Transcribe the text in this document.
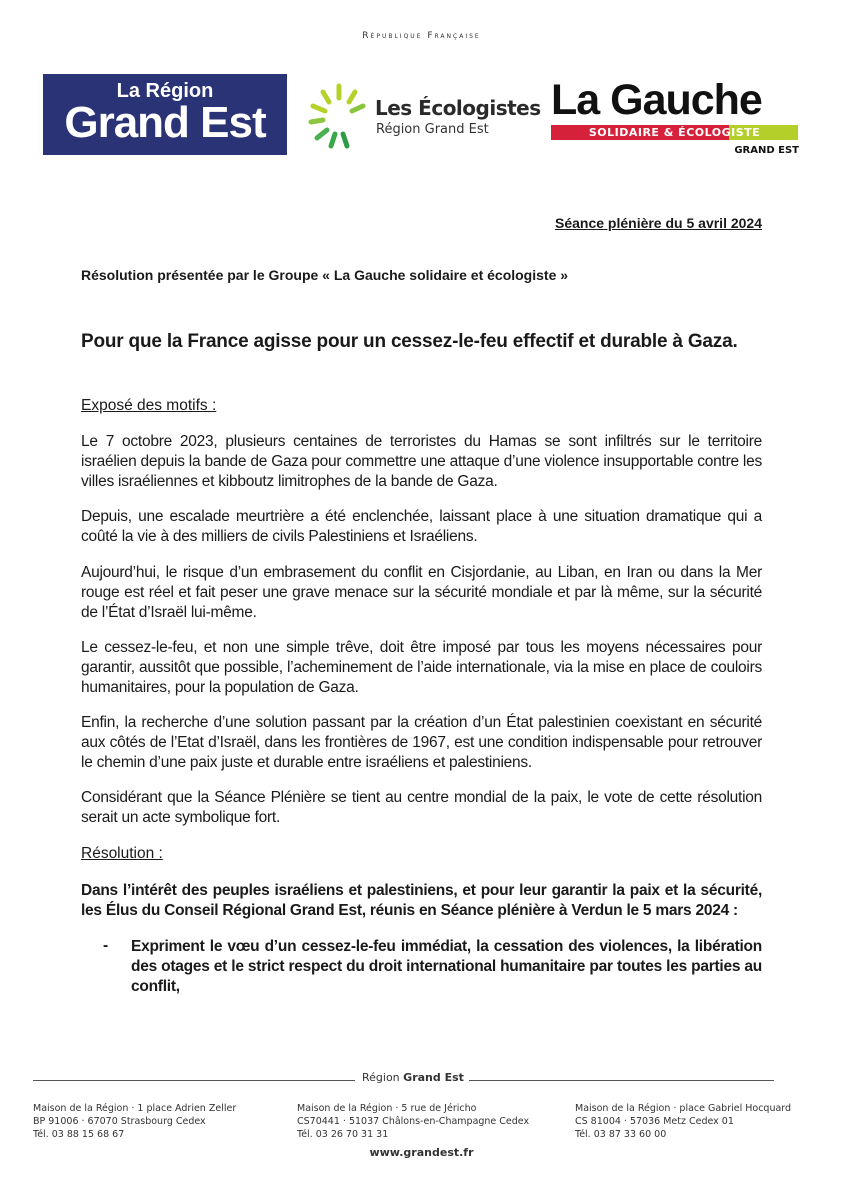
République Française
La Région
Grand Est	Les Écologistes
Région Grand Est
La Gauche
SOLIDAIRE & ÉCOLOGISTE
GRAND EST
Séance plénière du 5 avril 2024
Résolution présentée par le Groupe « La Gauche solidaire et écologiste »
Pour que la France agisse pour un cessez-le-feu effectif et durable à Gaza.
Exposé des motifs :
Le 7 octobre 2023, plusieurs centaines de terroristes du Hamas se sont infiltrés sur le territoire israélien depuis la bande de Gaza pour commettre une attaque d’une violence insupportable contre les villes israéliennes et kibboutz limitrophes de la bande de Gaza.
Depuis, une escalade meurtrière a été enclenchée, laissant place à une situation dramatique qui a coûté la vie à des milliers de civils Palestiniens et Israéliens.
Aujourd’hui, le risque d’un embrasement du conflit en Cisjordanie, au Liban, en Iran ou dans la Mer rouge est réel et fait peser une grave menace sur la sécurité mondiale et par là même, sur la sécurité de l’État d’Israël lui-même.
Le cessez-le-feu, et non une simple trêve, doit être imposé par tous les moyens nécessaires pour garantir, aussitôt que possible, l’acheminement de l’aide internationale, via la mise en place de couloirs humanitaires, pour la population de Gaza.
Enfin, la recherche d’une solution passant par la création d’un État palestinien coexistant en sécurité aux côtés de l’Etat d’Israël, dans les frontières de 1967, est une condition indispensable pour retrouver le chemin d’une paix juste et durable entre israéliens et palestiniens.
Considérant que la Séance Plénière se tient au centre mondial de la paix, le vote de cette résolution serait un acte symbolique fort.
Résolution :
Dans l’intérêt des peuples israéliens et palestiniens, et pour leur garantir la paix et la sécurité, les Élus du Conseil Régional Grand Est, réunis en Séance plénière à Verdun le 5 mars 2024 :
- Expriment le vœu d’un cessez-le-feu immédiat, la cessation des violences, la libération des otages et le strict respect du droit international humanitaire par toutes les parties au conflit,
Région Grand Est
Maison de la Région · 1 place Adrien Zeller
BP 91006 · 67070 Strasbourg Cedex
Tél. 03 88 15 68 67
Maison de la Région · 5 rue de Jéricho
CS70441 · 51037 Châlons-en-Champagne Cedex
Tél. 03 26 70 31 31
Maison de la Région · place Gabriel Hocquard
CS 81004 · 57036 Metz Cedex 01
Tél. 03 87 33 60 00
www.grandest.fr
